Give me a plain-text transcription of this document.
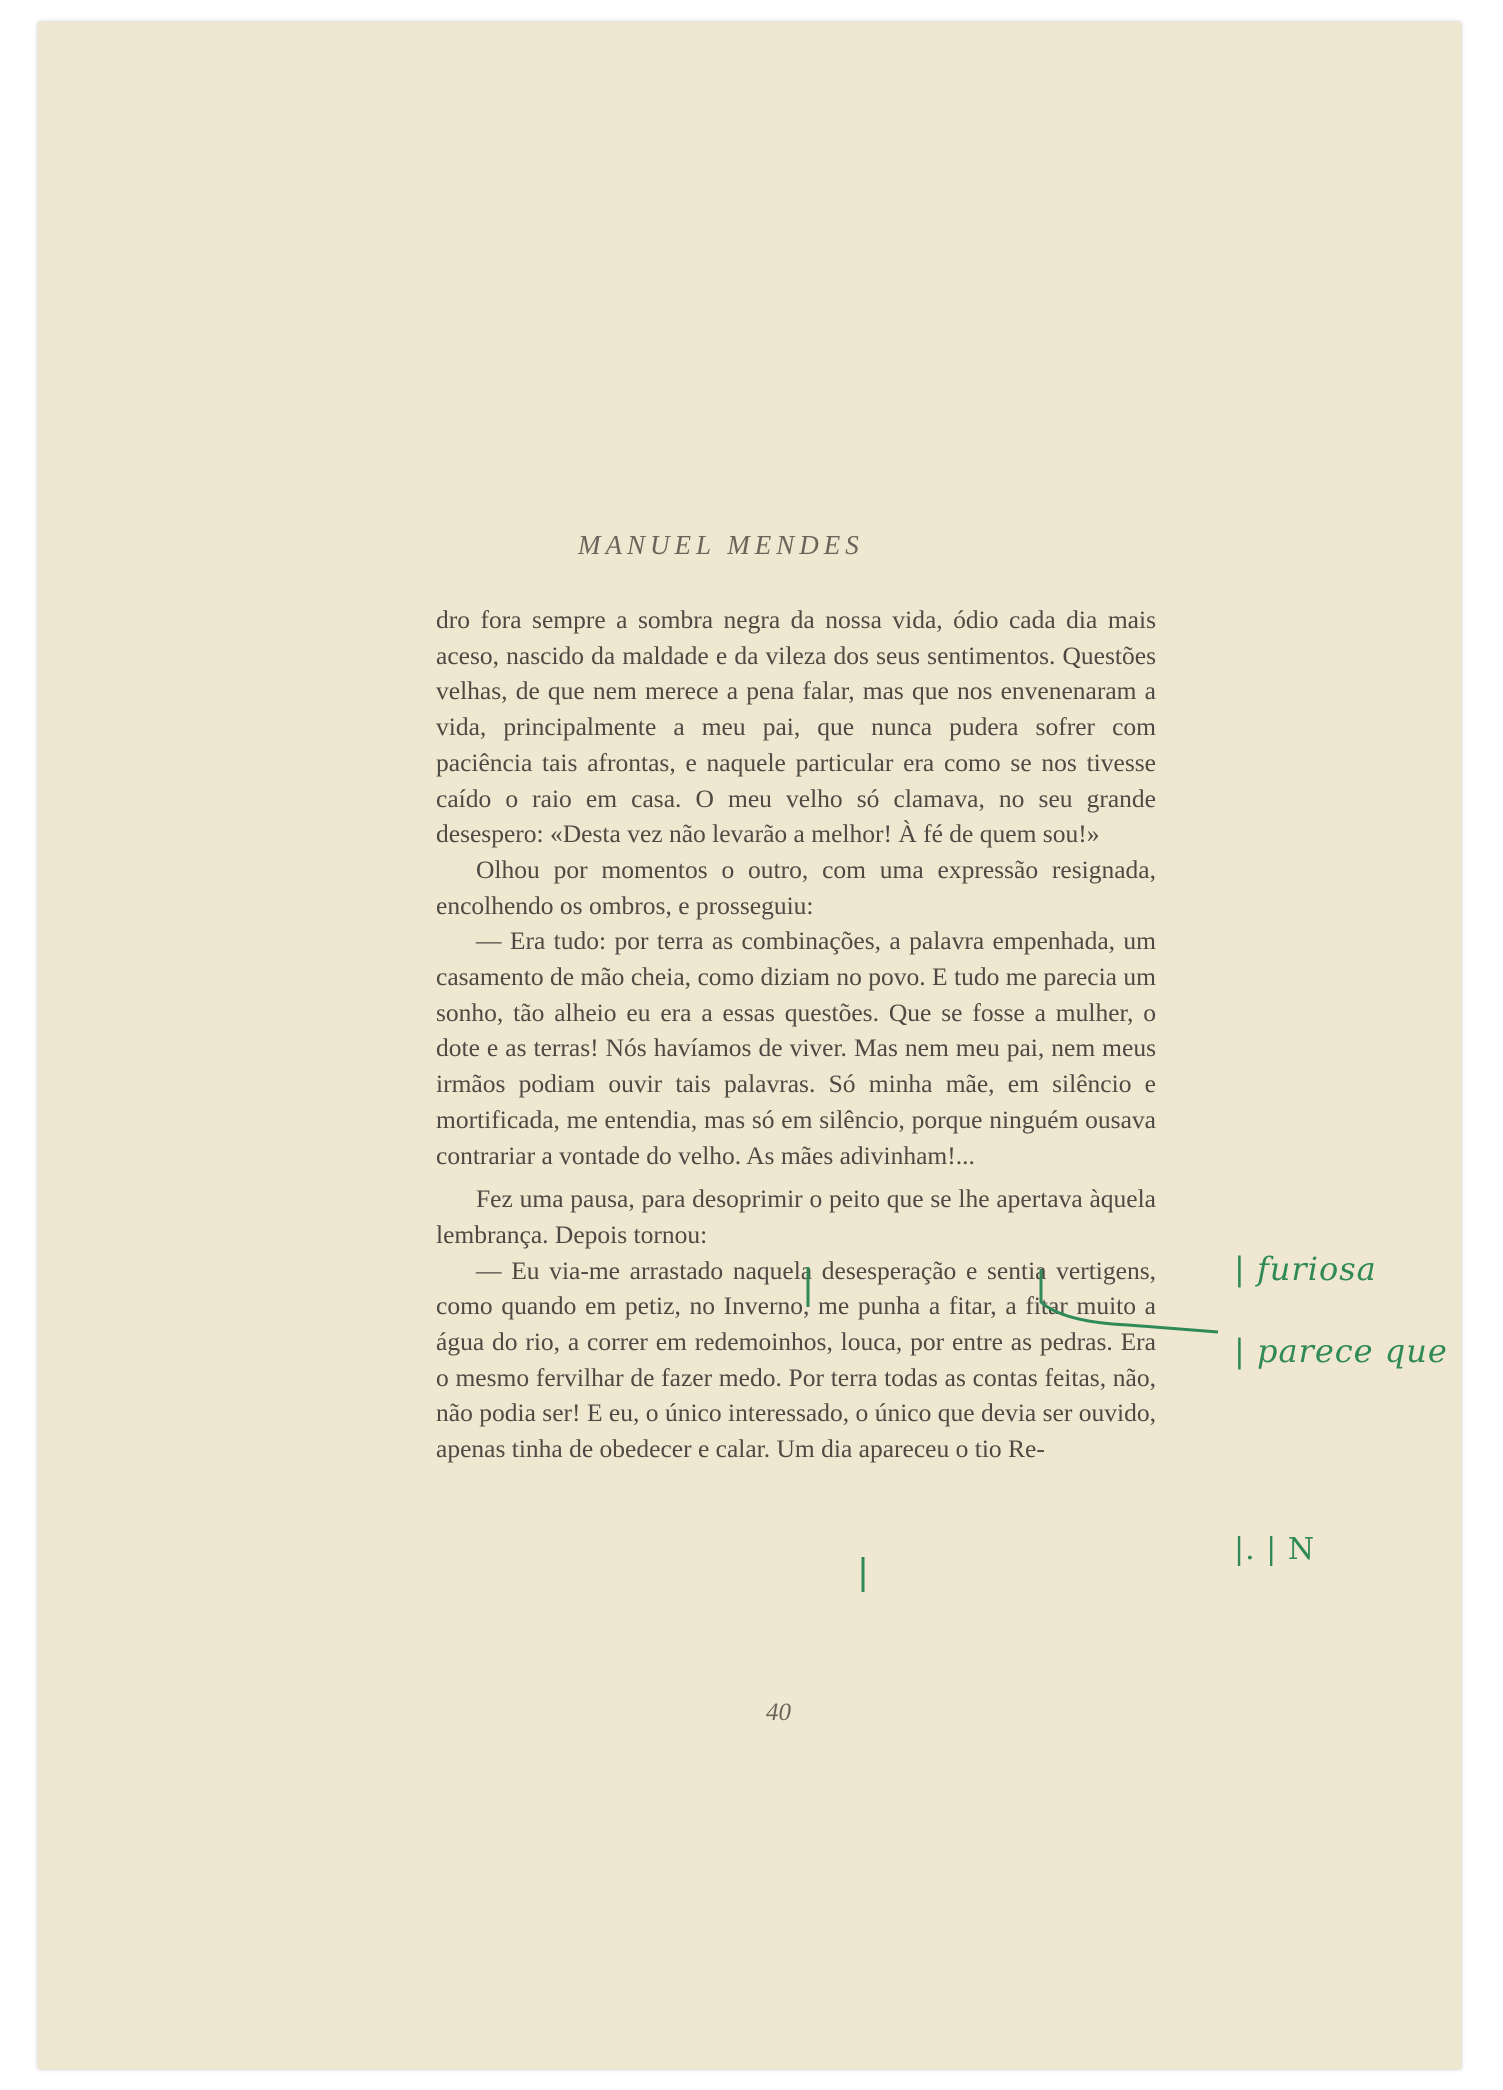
MANUEL MENDES

dro fora sempre a sombra negra da nossa vida, ódio cada dia mais aceso, nascido da maldade e da vileza dos seus sentimentos. Questões velhas, de que nem merece a pena falar, mas que nos envenenaram a vida, principalmente a meu pai, que nunca pudera sofrer com paciência tais afrontas, e naquele particular era como se nos tivesse caído o raio em casa. O meu velho só clamava, no seu grande desespero: «Desta vez não levarão a melhor! À fé de quem sou!»

Olhou por momentos o outro, com uma expressão resignada, encolhendo os ombros, e prosseguiu:

— Era tudo: por terra as combinações, a palavra empenhada, um casamento de mão cheia, como diziam no povo. E tudo me parecia um sonho, tão alheio eu era a essas questões. Que se fosse a mulher, o dote e as terras! Nós havíamos de viver. Mas nem meu pai, nem meus irmãos podiam ouvir tais palavras. Só minha mãe, em silêncio e mortificada, me entendia, mas só em silêncio, porque ninguém ousava contrariar a vontade do velho. As mães adivinham!...

Fez uma pausa, para desoprimir o peito que se lhe apertava àquela lembrança. Depois tornou:

— Eu via-me arrastado naquela desesperação e sentia vertigens, como quando em petiz, no Inverno, me punha a fitar, a fitar muito a água do rio, a correr em redemoinhos, louca, por entre as pedras. Era o mesmo fervilhar de fazer medo. Por terra todas as contas feitas, não, não podia ser! E eu, o único interessado, o único que devia ser ouvido, apenas tinha de obedecer e calar. Um dia apareceu o tio Re-

40
| furiosa
| parece que
|. | N
